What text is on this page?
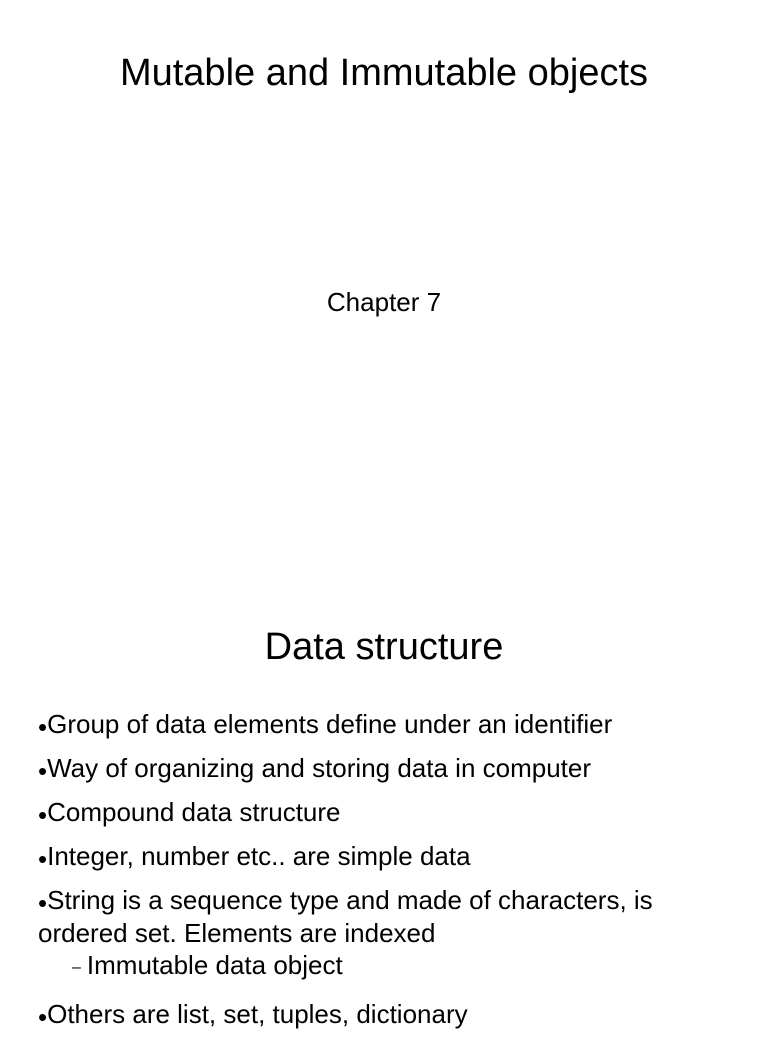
Mutable and Immutable objects
Chapter 7
Data structure
•Group of data elements define under an identifier
•Way of organizing and storing data in computer
•Compound data structure
•Integer, number etc.. are simple data
•String is a sequence type and made of characters, is ordered set. Elements are indexed
– Immutable data object
•Others are list, set, tuples, dictionary
